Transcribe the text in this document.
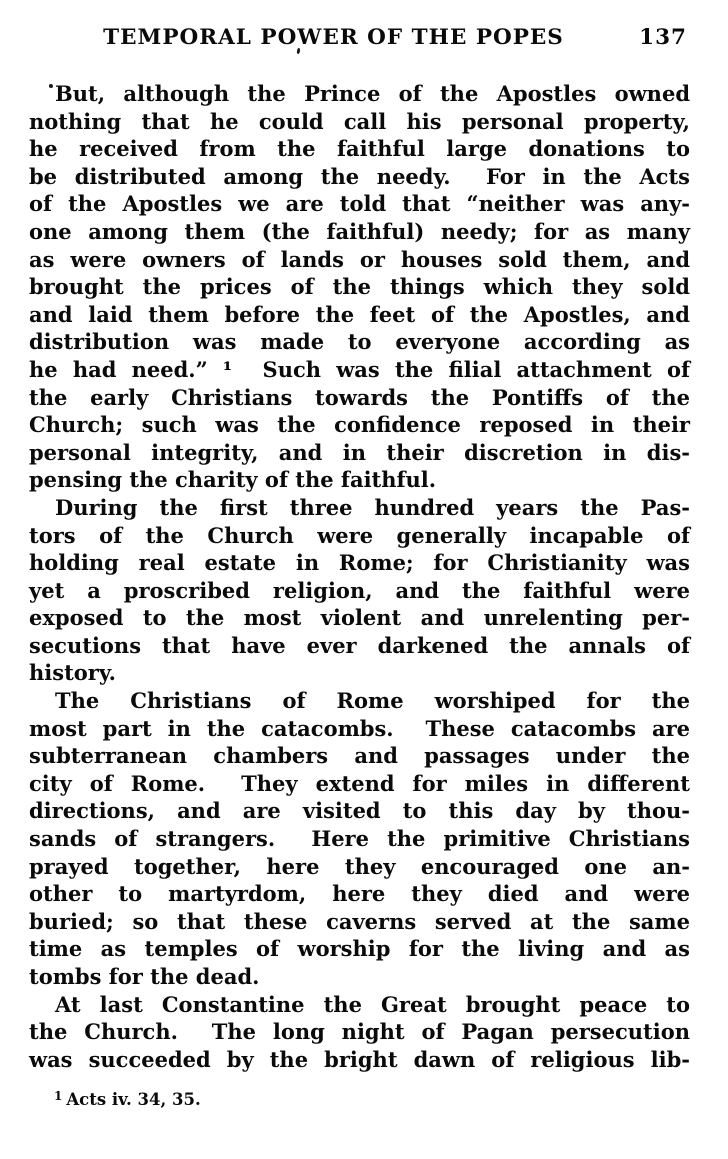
TEMPORAL POWER OF THE POPES	137
But, although the Prince of the Apostles owned
nothing that he could call his personal property,
he received from the faithful large donations to
be distributed among the needy.  For in the Acts
of the Apostles we are told that “neither was any-
one among them (the faithful) needy; for as many
as were owners of lands or houses sold them, and
brought the prices of the things which they sold
and laid them before the feet of the Apostles, and
distribution was made to everyone according as
he had need.” ¹  Such was the filial attachment of
the early Christians towards the Pontiffs of the
Church; such was the confidence reposed in their
personal integrity, and in their discretion in dis-
pensing the charity of the faithful.
During the first three hundred years the Pas-
tors of the Church were generally incapable of
holding real estate in Rome; for Christianity was
yet a proscribed religion, and the faithful were
exposed to the most violent and unrelenting per-
secutions that have ever darkened the annals of
history.
The Christians of Rome worshiped for the
most part in the catacombs.  These catacombs are
subterranean chambers and passages under the
city of Rome.  They extend for miles in different
directions, and are visited to this day by thou-
sands of strangers.  Here the primitive Christians
prayed together, here they encouraged one an-
other to martyrdom, here they died and were
buried; so that these caverns served at the same
time as temples of worship for the living and as
tombs for the dead.
At last Constantine the Great brought peace to
the Church.  The long night of Pagan persecution
was succeeded by the bright dawn of religious lib-
$^1$ Acts iv. 34, 35.
